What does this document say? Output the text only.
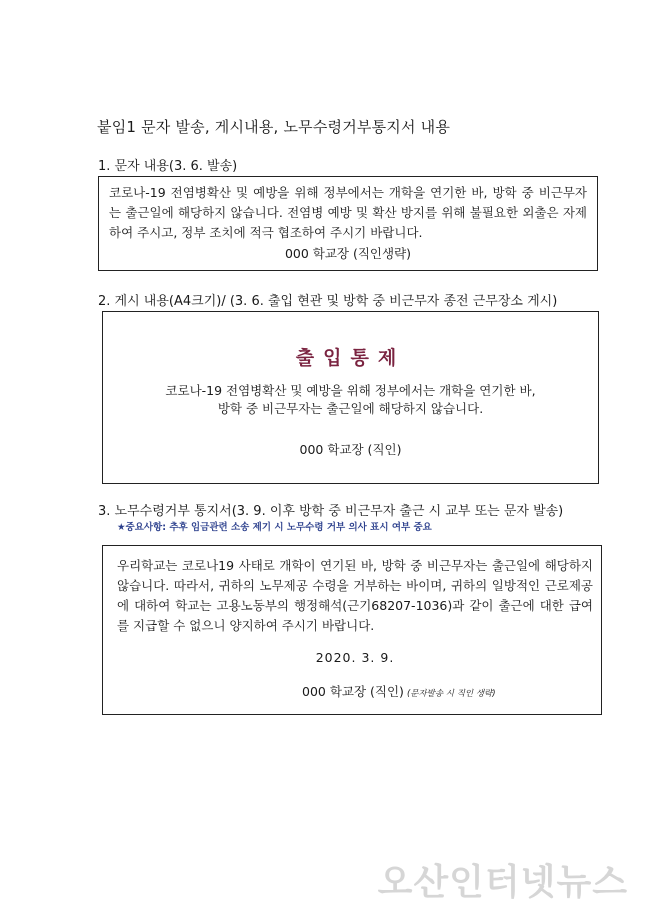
붙임1 문자 발송, 게시내용, 노무수령거부통지서 내용
1. 문자 내용(3. 6. 발송)

코로나-19 전염병확산 및 예방을 위해 정부에서는 개학을 연기한 바, 방학 중 비근무자는 출근일에 해당하지 않습니다. 전염병 예방 및 확산 방지를 위해 불필요한 외출은 자제하여 주시고, 정부 조치에 적극 협조하여 주시기 바랍니다.

000 학교장 (직인생략)
2. 게시 내용(A4크기)/ (3. 6. 출입 현관 및 방학 중 비근무자 종전 근무장소 게시)
출입통제
코로나-19 전염병확산 및 예방을 위해 정부에서는 개학을 연기한 바,
방학 중 비근무자는 출근일에 해당하지 않습니다.
000 학교장 (직인)
3. 노무수령거부 통지서(3. 9. 이후 방학 중 비근무자 출근 시 교부 또는 문자 발송)
★중요사항: 추후 임금관련 소송 제기 시 노무수령 거부 의사 표시 여부 중요

우리학교는 코로나19 사태로 개학이 연기된 바, 방학 중 비근무자는 출근일에 해당하지 않습니다. 따라서, 귀하의 노무제공 수령을 거부하는 바이며, 귀하의 일방적인 근로제공에 대하여 학교는 고용노동부의 행정해석(근기68207-1036)과 같이 출근에 대한 급여를 지급할 수 없으니 양지하여 주시기 바랍니다.

2020. 3. 9.
000 학교장 (직인) (문자발송 시 직인 생략)
오산인터넷뉴스
